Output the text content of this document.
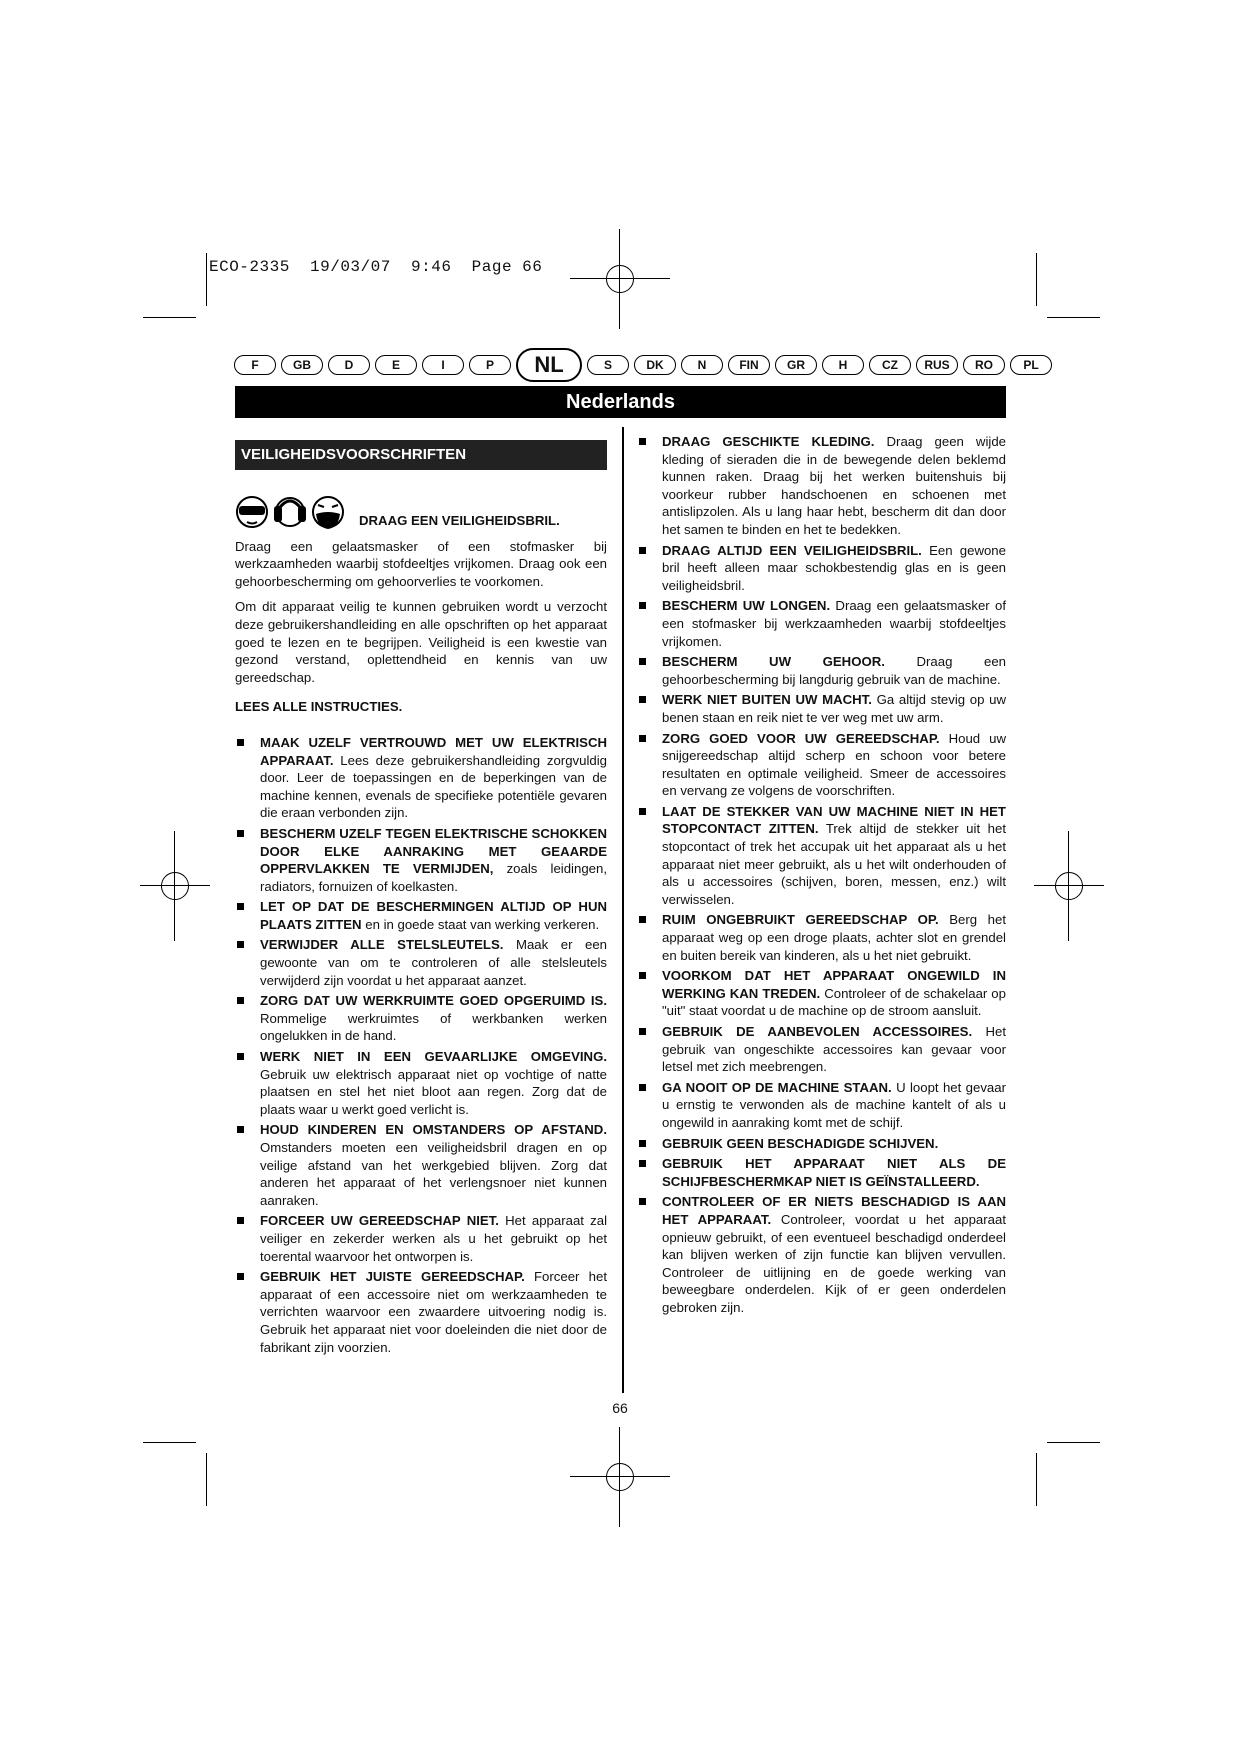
ECO-2335  19/03/07  9:46  Page 66
F	GB	D	E	I	P	NL	S	DK	N	FIN	GR	H	CZ	RUS	RO	PL
Nederlands
VEILIGHEIDSVOORSCHRIFTEN
DRAAG EEN VEILIGHEIDSBRIL.

Draag een gelaatsmasker of een stofmasker bij werkzaamheden waarbij stofdeeltjes vrijkomen. Draag ook een gehoorbescherming om gehoorverlies te voorkomen.

Om dit apparaat veilig te kunnen gebruiken wordt u verzocht deze gebruikershandleiding en alle opschriften op het apparaat goed te lezen en te begrijpen. Veiligheid is een kwestie van gezond verstand, oplettendheid en kennis van uw gereedschap.

LEES ALLE INSTRUCTIES.
MAAK UZELF VERTROUWD MET UW ELEKTRISCH APPARAAT. Lees deze gebruikershandleiding zorgvuldig door. Leer de toepassingen en de beperkingen van de machine kennen, evenals de specifieke potentiële gevaren die eraan verbonden zijn.
BESCHERM UZELF TEGEN ELEKTRISCHE SCHOKKEN DOOR ELKE AANRAKING MET GEAARDE OPPERVLAKKEN TE VERMIJDEN, zoals leidingen, radiators, fornuizen of koelkasten.
LET OP DAT DE BESCHERMINGEN ALTIJD OP HUN PLAATS ZITTEN en in goede staat van werking verkeren.
VERWIJDER ALLE STELSLEUTELS. Maak er een gewoonte van om te controleren of alle stelsleutels verwijderd zijn voordat u het apparaat aanzet.
ZORG DAT UW WERKRUIMTE GOED OPGERUIMD IS. Rommelige werkruimtes of werkbanken werken ongelukken in de hand.
WERK NIET IN EEN GEVAARLIJKE OMGEVING. Gebruik uw elektrisch apparaat niet op vochtige of natte plaatsen en stel het niet bloot aan regen. Zorg dat de plaats waar u werkt goed verlicht is.
HOUD KINDEREN EN OMSTANDERS OP AFSTAND. Omstanders moeten een veiligheidsbril dragen en op veilige afstand van het werkgebied blijven. Zorg dat anderen het apparaat of het verlengsnoer niet kunnen aanraken.
FORCEER UW GEREEDSCHAP NIET. Het apparaat zal veiliger en zekerder werken als u het gebruikt op het toerental waarvoor het ontworpen is.
GEBRUIK HET JUISTE GEREEDSCHAP. Forceer het apparaat of een accessoire niet om werkzaamheden te verrichten waarvoor een zwaardere uitvoering nodig is. Gebruik het apparaat niet voor doeleinden die niet door de fabrikant zijn voorzien.
DRAAG GESCHIKTE KLEDING. Draag geen wijde kleding of sieraden die in de bewegende delen beklemd kunnen raken. Draag bij het werken buitenshuis bij voorkeur rubber handschoenen en schoenen met antislipzolen. Als u lang haar hebt, bescherm dit dan door het samen te binden en het te bedekken.
DRAAG ALTIJD EEN VEILIGHEIDSBRIL. Een gewone bril heeft alleen maar schokbestendig glas en is geen veiligheidsbril.
BESCHERM UW LONGEN. Draag een gelaatsmasker of een stofmasker bij werkzaamheden waarbij stofdeeltjes vrijkomen.
BESCHERM UW GEHOOR. Draag een gehoorbescherming bij langdurig gebruik van de machine.
WERK NIET BUITEN UW MACHT. Ga altijd stevig op uw benen staan en reik niet te ver weg met uw arm.
ZORG GOED VOOR UW GEREEDSCHAP. Houd uw snijgereedschap altijd scherp en schoon voor betere resultaten en optimale veiligheid. Smeer de accessoires en vervang ze volgens de voorschriften.
LAAT DE STEKKER VAN UW MACHINE NIET IN HET STOPCONTACT ZITTEN. Trek altijd de stekker uit het stopcontact of trek het accupak uit het apparaat als u het apparaat niet meer gebruikt, als u het wilt onderhouden of als u accessoires (schijven, boren, messen, enz.) wilt verwisselen.
RUIM ONGEBRUIKT GEREEDSCHAP OP. Berg het apparaat weg op een droge plaats, achter slot en grendel en buiten bereik van kinderen, als u het niet gebruikt.
VOORKOM DAT HET APPARAAT ONGEWILD IN WERKING KAN TREDEN. Controleer of de schakelaar op "uit" staat voordat u de machine op de stroom aansluit.
GEBRUIK DE AANBEVOLEN ACCESSOIRES. Het gebruik van ongeschikte accessoires kan gevaar voor letsel met zich meebrengen.
GA NOOIT OP DE MACHINE STAAN. U loopt het gevaar u ernstig te verwonden als de machine kantelt of als u ongewild in aanraking komt met de schijf.
GEBRUIK GEEN BESCHADIGDE SCHIJVEN.
GEBRUIK HET APPARAAT NIET ALS DE SCHIJFBESCHERMKAP NIET IS GEÏNSTALLEERD.
CONTROLEER OF ER NIETS BESCHADIGD IS AAN HET APPARAAT. Controleer, voordat u het apparaat opnieuw gebruikt, of een eventueel beschadigd onderdeel kan blijven werken of zijn functie kan blijven vervullen. Controleer de uitlijning en de goede werking van beweegbare onderdelen. Kijk of er geen onderdelen gebroken zijn.
66
